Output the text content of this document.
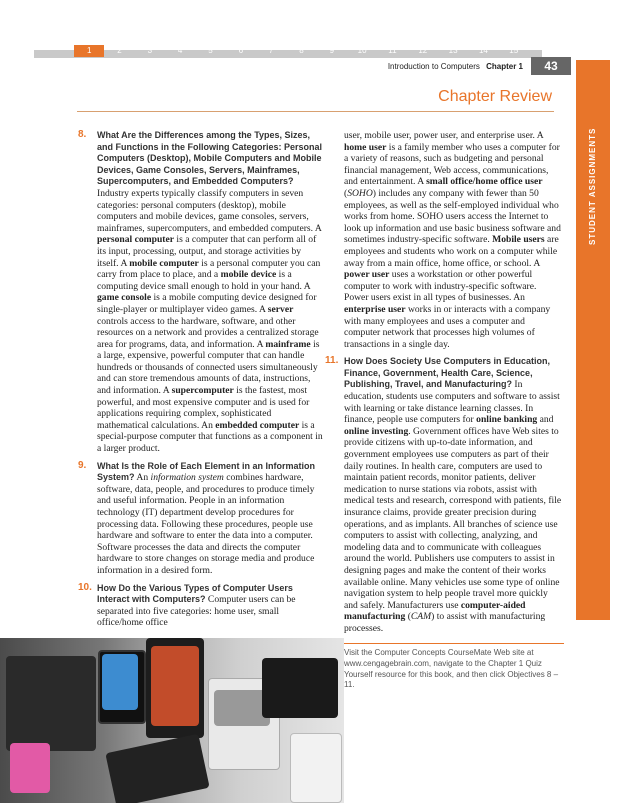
1	2	3	4	5	6	7	8	9	10	11	12	13	14	15
Introduction to Computers Chapter 1	43
Chapter Review
STUDENT ASSIGNMENTS
8. What Are the Differences among the Types, Sizes, and Functions in the Following Categories: Personal Computers (Desktop), Mobile Computers and Mobile Devices, Game Consoles, Servers, Mainframes, Supercomputers, and Embedded Computers? Industry experts typically classify computers in seven categories: personal computers (desktop), mobile computers and mobile devices, game consoles, servers, mainframes, supercomputers, and embedded computers. A personal computer is a computer that can perform all of its input, processing, output, and storage activities by itself. A mobile computer is a personal computer you can carry from place to place, and a mobile device is a computing device small enough to hold in your hand. A game console is a mobile computing device designed for single-player or multiplayer video games. A server controls access to the hardware, software, and other resources on a network and provides a centralized storage area for programs, data, and information. A mainframe is a large, expensive, powerful computer that can handle hundreds or thousands of connected users simultaneously and can store tremendous amounts of data, instructions, and information. A supercomputer is the fastest, most powerful, and most expensive computer and is used for applications requiring complex, sophisticated mathematical calculations. An embedded computer is a special-purpose computer that functions as a component in a larger product.
9. What Is the Role of Each Element in an Information System? An information system combines hardware, software, data, people, and procedures to produce timely and useful information. People in an information technology (IT) department develop procedures for processing data. Following these procedures, people use hardware and software to enter the data into a computer. Software processes the data and directs the computer hardware to store changes on storage media and produce information in a desired form.
10. How Do the Various Types of Computer Users Interact with Computers? Computer users can be separated into five categories: home user, small office/home office
user, mobile user, power user, and enterprise user. A home user is a family member who uses a computer for a variety of reasons, such as budgeting and personal financial management, Web access, communications, and entertainment. A small office/home office user (SOHO) includes any company with fewer than 50 employees, as well as the self-employed individual who works from home. SOHO users access the Internet to look up information and use basic business software and sometimes industry-specific software. Mobile users are employees and students who work on a computer while away from a main office, home office, or school. A power user uses a workstation or other powerful computer to work with industry-specific software. Power users exist in all types of businesses. An enterprise user works in or interacts with a company with many employees and uses a computer and computer network that processes high volumes of transactions in a single day.
11. How Does Society Use Computers in Education, Finance, Government, Health Care, Science, Publishing, Travel, and Manufacturing? In education, students use computers and software to assist with learning or take distance learning classes. In finance, people use computers for online banking and online investing. Government offices have Web sites to provide citizens with up-to-date information, and government employees use computers as part of their daily routines. In health care, computers are used to maintain patient records, monitor patients, deliver medication to nurse stations via robots, assist with medical tests and research, correspond with patients, file insurance claims, provide greater precision during operations, and as implants. All branches of science use computers to assist with collecting, analyzing, and modeling data and to communicate with colleagues around the world. Publishers use computers to assist in designing pages and make the content of their works available online. Many vehicles use some type of online navigation system to help people travel more quickly and safely. Manufacturers use computer-aided manufacturing (CAM) to assist with manufacturing processes.
Visit the Computer Concepts CourseMate Web site at www.cengagebrain.com, navigate to the Chapter 1 Quiz Yourself resource for this book, and then click Objectives 8 – 11.
